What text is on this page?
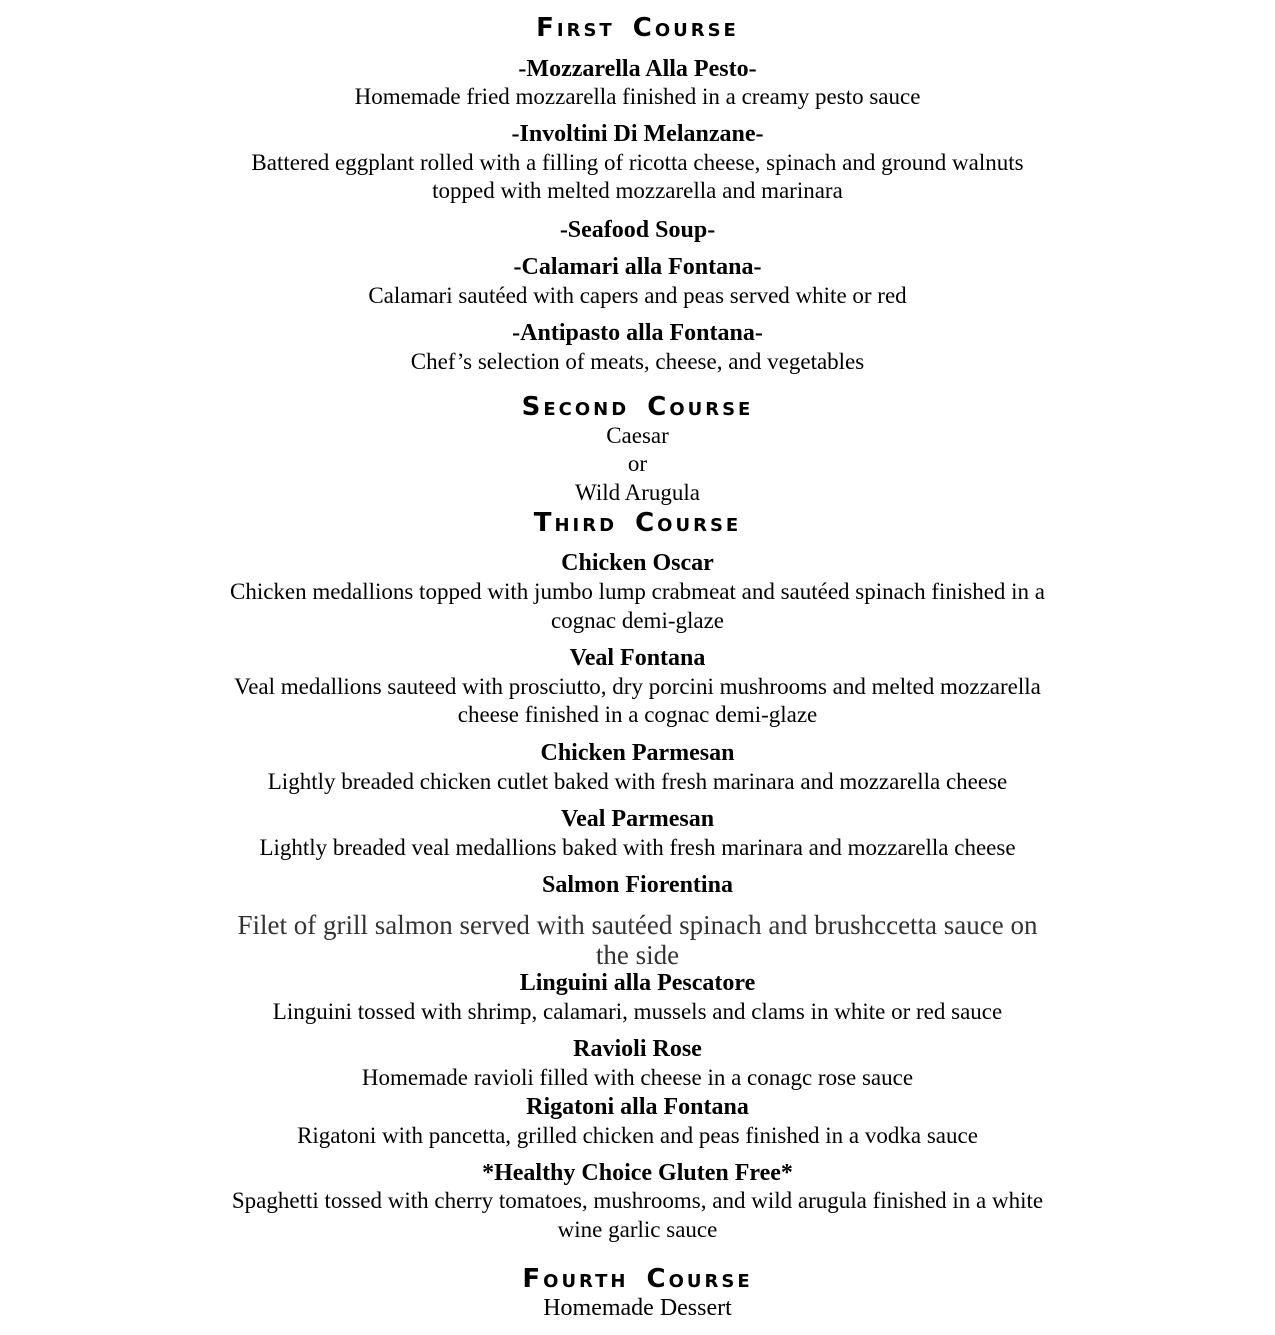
First Course
-Mozzarella Alla Pesto-
Homemade fried mozzarella finished in a creamy pesto sauce
-Involtini Di Melanzane-
Battered eggplant rolled with a filling of ricotta cheese, spinach and ground walnuts
topped with melted mozzarella and marinara
-Seafood Soup-
-Calamari alla Fontana-
Calamari sautéed with capers and peas served white or red
-Antipasto alla Fontana-
Chef’s selection of meats, cheese, and vegetables
Second Course
Caesar
or
Wild Arugula
Third Course
Chicken Oscar
Chicken medallions topped with jumbo lump crabmeat and sautéed spinach finished in a
cognac demi-glaze
Veal Fontana
Veal medallions sauteed with prosciutto, dry porcini mushrooms and melted mozzarella
cheese finished in a cognac demi-glaze
Chicken Parmesan
Lightly breaded chicken cutlet baked with fresh marinara and mozzarella cheese
Veal Parmesan
Lightly breaded veal medallions baked with fresh marinara and mozzarella cheese
Salmon Fiorentina
Filet of grill salmon served with sautéed spinach and brushccetta sauce on
the side
Linguini alla Pescatore
Linguini tossed with shrimp, calamari, mussels and clams in white or red sauce
Ravioli Rose
Homemade ravioli filled with cheese in a conagc rose sauce
Rigatoni alla Fontana
Rigatoni with pancetta, grilled chicken and peas finished in a vodka sauce
*Healthy Choice Gluten Free*
Spaghetti tossed with cherry tomatoes, mushrooms, and wild arugula finished in a white
wine garlic sauce
Fourth Course
Homemade Dessert
